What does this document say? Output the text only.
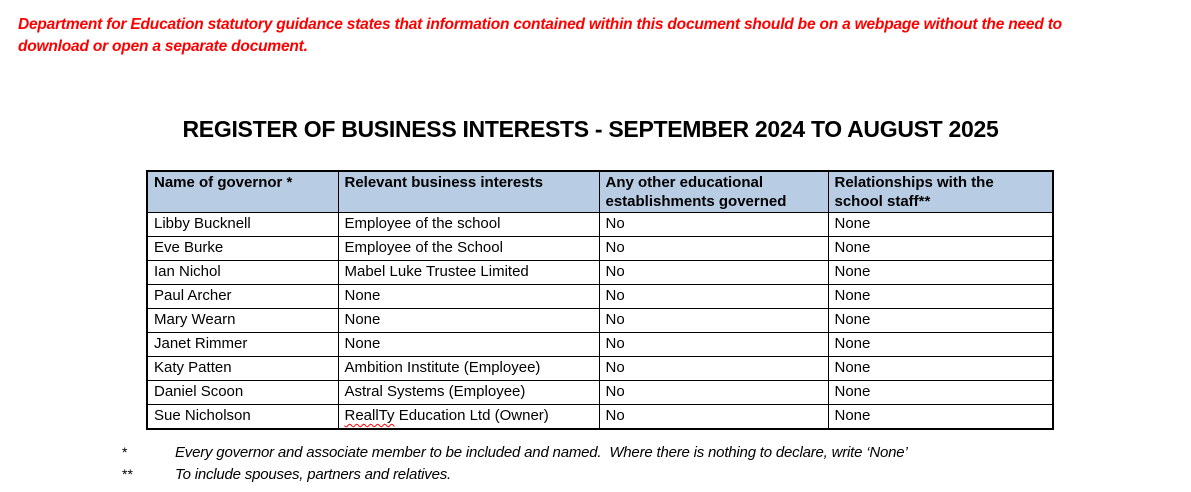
Department for Education statutory guidance states that information contained within this document should be on a webpage without the need to
download or open a separate document.
REGISTER OF BUSINESS INTERESTS - SEPTEMBER 2024 TO AUGUST 2025
Name of governor *	Relevant business interests	Any other educational establishments governed	Relationships with the school staff**
Libby Bucknell	Employee of the school	No	None
Eve Burke	Employee of the School	No	None
Ian Nichol	Mabel Luke Trustee Limited	No	None
Paul Archer	None	No	None
Mary Wearn	None	No	None
Janet Rimmer	None	No	None
Katy Patten	Ambition Institute (Employee)	No	None
Daniel Scoon	Astral Systems (Employee)	No	None
Sue Nicholson	ReallTy Education Ltd (Owner)	No	None
*	Every governor and associate member to be included and named.  Where there is nothing to declare, write ‘None’
**	To include spouses, partners and relatives.
